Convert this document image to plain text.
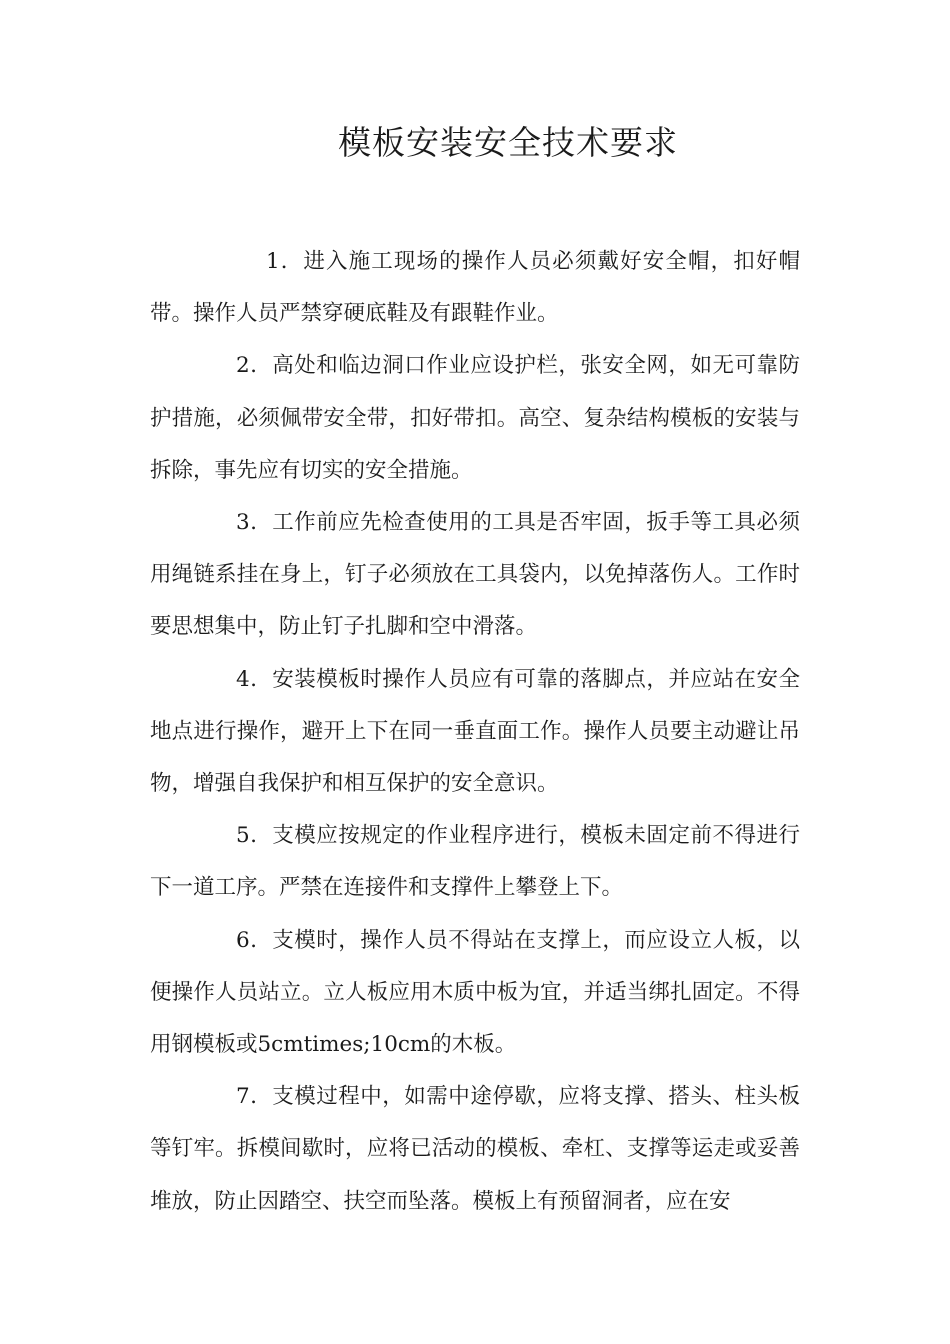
模板安装安全技术要求

1．进入施工现场的操作人员必须戴好安全帽，扣好帽带。操作人员严禁穿硬底鞋及有跟鞋作业。

2．高处和临边洞口作业应设护栏，张安全网，如无可靠防护措施，必须佩带安全带，扣好带扣。高空、复杂结构模板的安装与拆除，事先应有切实的安全措施。

3．工作前应先检查使用的工具是否牢固，扳手等工具必须用绳链系挂在身上，钉子必须放在工具袋内，以免掉落伤人。工作时要思想集中，防止钉子扎脚和空中滑落。

4．安装模板时操作人员应有可靠的落脚点，并应站在安全地点进行操作，避开上下在同一垂直面工作。操作人员要主动避让吊物，增强自我保护和相互保护的安全意识。

5．支模应按规定的作业程序进行，模板未固定前不得进行下一道工序。严禁在连接件和支撑件上攀登上下。

6．支模时，操作人员不得站在支撑上，而应设立人板，以便操作人员站立。立人板应用木质中板为宜，并适当绑扎固定。不得用钢模板或5cmtimes;10cm的木板。

7．支模过程中，如需中途停歇，应将支撑、搭头、柱头板等钉牢。拆模间歇时，应将已活动的模板、牵杠、支撑等运走或妥善堆放，防止因踏空、扶空而坠落。模板上有预留洞者，应在安
